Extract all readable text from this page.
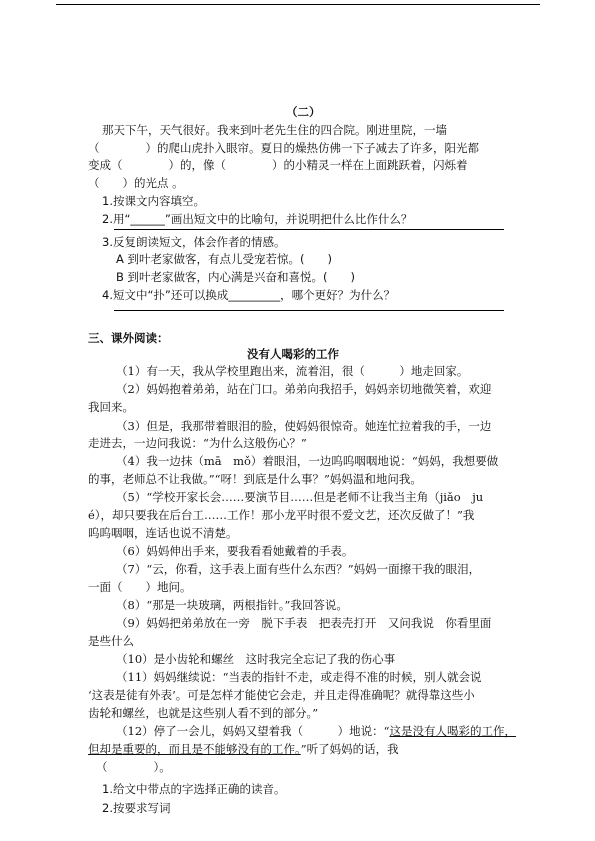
（二）
那天下午，天气很好。我来到叶老先生住的四合院。刚进里院，一墙
（　　　　）的爬山虎扑入眼帘。夏日的燥热仿佛一下子减去了许多，阳光都
变成（　　　　）的，像（　　　　）的小精灵一样在上面跳跃着，闪烁着
（　　）的光点 。
1.按课文内容填空。
2.用“______”画出短文中的比喻句，并说明把什么比作什么？
3.反复朗读短文，体会作者的情感。
A 到叶老家做客，有点儿受宠若惊。(　　)
B 到叶老家做客，内心满是兴奋和喜悦。(　　)
4.短文中“扑”还可以换成_________，哪个更好？为什么？
三、课外阅读：
没有人喝彩的工作
（1）有一天，我从学校里跑出来，流着泪，很（　　　）地走回家。
（2）妈妈抱着弟弟，站在门口。弟弟向我招手，妈妈亲切地微笑着，欢迎
我回来。
（3）但是，我那带着眼泪的脸，使妈妈很惊奇。她连忙拉着我的手，一边
走进去，一边问我说：“为什么这般伤心？”
（4）我一边抹（mā　mǒ）着眼泪，一边呜呜咽咽地说：“妈妈，我想要做
的事，老师总不让我做。”“呀！到底是什么事？”妈妈温和地问我。
（5）“学校开家长会……要演节目……但是老师不让我当主角（jiǎo　ju
é），却只要我在后台工……工作！那小龙平时很不爱文艺，还次反做了！”我
呜呜咽咽，连话也说不清楚。
（6）妈妈伸出手来，要我看看她戴着的手表。
（7）“云，你看，这手表上面有些什么东西？”妈妈一面擦干我的眼泪，
一面（　　）地问。
（8）“那是一块玻璃，两根指针。”我回答说。
（9）妈妈把弟弟放在一旁　脱下手表　把表壳打开　又问我说　你看里面
是些什么
（10）是小齿轮和螺丝　这时我完全忘记了我的伤心事
（11）妈妈继续说：“当表的指针不走，或走得不准的时候，别人就会说
‘这表是徒有外表’。可是怎样才能使它会走，并且走得准确呢？就得靠这些小
齿轮和螺丝，也就是这些别人看不到的部分。”
（12）停了一会儿，妈妈又望着我（　　　）地说：“这是没有人喝彩的工作，
但却是重要的，而且是不能够没有的工作。”听了妈妈的话，我
（　　　　）。
1.给文中带点的字选择正确的读音。
2.按要求写词
